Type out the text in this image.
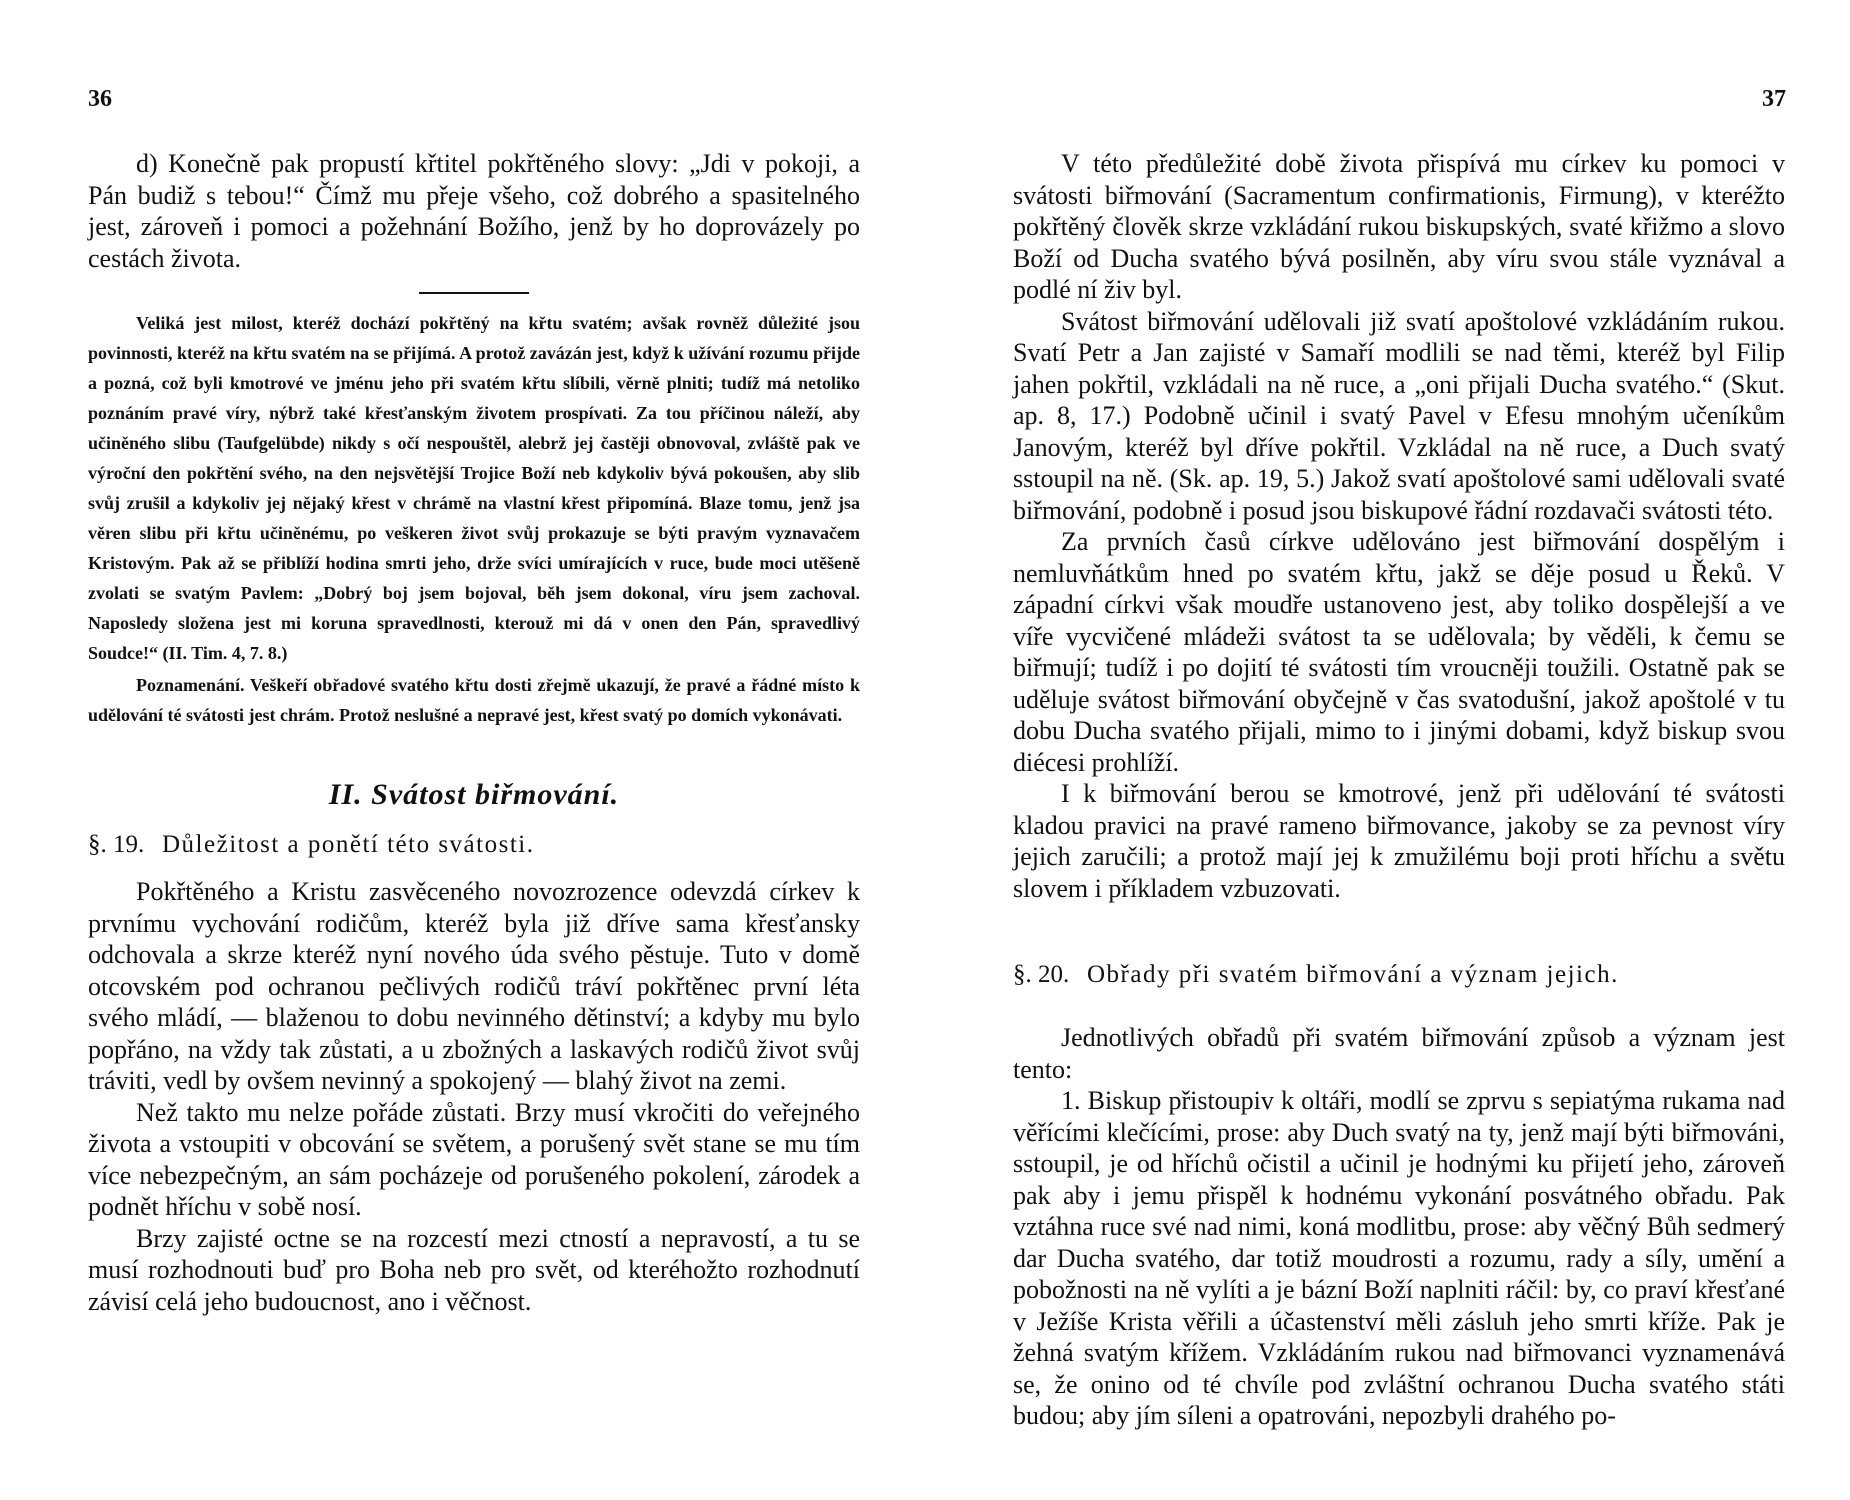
36	37

d) Konečně pak propustí křtitel pokřtěného slovy: „Jdi v pokoji, a Pán budiž s tebou!“ Čímž mu přeje všeho, což dobrého a spasitelného jest, zároveň i pomoci a požehnání Božího, jenž by ho doprovázely po cestách života.

Veliká jest milost, kteréž dochází pokřtěný na křtu svatém; avšak rovněž důležité jsou povinnosti, kteréž na křtu svatém na se přijímá. A protož zavázán jest, když k užívání rozumu přijde a pozná, což byli kmotrové ve jménu jeho při svatém křtu slíbili, věrně plniti; tudíž má netoliko poznáním pravé víry, nýbrž také křesťanským životem prospívati. Za tou příčinou náleží, aby učiněného slibu (Taufgelübde) nikdy s očí nespouštěl, alebrž jej častěji obnovoval, zvláště pak ve výroční den pokřtění svého, na den nejsvětější Trojice Boží neb kdykoliv bývá pokoušen, aby slib svůj zrušil a kdykoliv jej nějaký křest v chrámě na vlastní křest připomíná. Blaze tomu, jenž jsa věren slibu při křtu učiněnému, po veškeren život svůj prokazuje se býti pravým vyznavačem Kristovým. Pak až se přiblíží hodina smrti jeho, drže svíci umírajících v ruce, bude moci utěšeně zvolati se svatým Pavlem: „Dobrý boj jsem bojoval, běh jsem dokonal, víru jsem zachoval. Naposledy složena jest mi koruna spravedlnosti, kterouž mi dá v onen den Pán, spravedlivý Soudce!“ (II. Tim. 4, 7. 8.)

Poznamenání. Veškeří obřadové svatého křtu dosti zřejmě ukazují, že pravé a řádné místo k udělování té svátosti jest chrám. Protož neslušné a nepravé jest, křest svatý po domích vykonávati.

II. Svátost biřmování.
§. 19. Důležitost a ponětí této svátosti.

Pokřtěného a Kristu zasvěceného novozrozence odevzdá církev k prvnímu vychování rodičům, kteréž byla již dříve sama křesťansky odchovala a skrze kteréž nyní nového úda svého pěstuje. Tuto v domě otcovském pod ochranou pečlivých rodičů tráví pokřtěnec první léta svého mládí, — blaženou to dobu nevinného dětinství; a kdyby mu bylo popřáno, na vždy tak zůstati, a u zbožných a laskavých rodičů život svůj tráviti, vedl by ovšem nevinný a spokojený — blahý život na zemi.

Než takto mu nelze pořáde zůstati. Brzy musí vkročiti do veřejného života a vstoupiti v obcování se světem, a porušený svět stane se mu tím více nebezpečným, an sám pocházeje od porušeného pokolení, zárodek a podnět hříchu v sobě nosí.

Brzy zajisté octne se na rozcestí mezi ctností a nepravostí, a tu se musí rozhodnouti buď pro Boha neb pro svět, od kteréhožto rozhodnutí závisí celá jeho budoucnost, ano i věčnost.

V této předůležité době života přispívá mu církev ku pomoci v svátosti biřmování (Sacramentum confirmationis, Firmung), v kteréžto pokřtěný člověk skrze vzkládání rukou biskupských, svaté křižmo a slovo Boží od Ducha svatého bývá posilněn, aby víru svou stále vyznával a podlé ní živ byl.

Svátost biřmování udělovali již svatí apoštolové vzkládáním rukou. Svatí Petr a Jan zajisté v Samaří modlili se nad těmi, kteréž byl Filip jahen pokřtil, vzkládali na ně ruce, a „oni přijali Ducha svatého.“ (Skut. ap. 8, 17.) Podobně učinil i svatý Pavel v Efesu mnohým učeníkům Janovým, kteréž byl dříve pokřtil. Vzkládal na ně ruce, a Duch svatý sstoupil na ně. (Sk. ap. 19, 5.) Jakož svatí apoštolové sami udělovali svaté biřmování, podobně i posud jsou biskupové řádní rozdavači svátosti této.

Za prvních časů církve udělováno jest biřmování dospělým i nemluvňátkům hned po svatém křtu, jakž se děje posud u Řeků. V západní církvi však moudře ustanoveno jest, aby toliko dospělejší a ve víře vycvičené mládeži svátost ta se udělovala; by věděli, k čemu se biřmují; tudíž i po dojití té svátosti tím vroucněji toužili. Ostatně pak se uděluje svátost biřmování obyčejně v čas svatodušní, jakož apoštolé v tu dobu Ducha svatého přijali, mimo to i jinými dobami, když biskup svou diécesi prohlíží.

I k biřmování berou se kmotrové, jenž při udělování té svátosti kladou pravici na pravé rameno biřmovance, jakoby se za pevnost víry jejich zaručili; a protož mají jej k zmužilému boji proti hříchu a světu slovem i příkladem vzbuzovati.

§. 20. Obřady při svatém biřmování a význam jejich.

Jednotlivých obřadů při svatém biřmování způsob a význam jest tento:

1. Biskup přistoupiv k oltáři, modlí se zprvu s sepiatýma rukama nad věřícími klečícími, prose: aby Duch svatý na ty, jenž mají býti biřmováni, sstoupil, je od hříchů očistil a učinil je hodnými ku přijetí jeho, zároveň pak aby i jemu přispěl k hodnému vykonání posvátného obřadu. Pak vztáhna ruce své nad nimi, koná modlitbu, prose: aby věčný Bůh sedmerý dar Ducha svatého, dar totiž moudrosti a rozumu, rady a síly, umění a pobožnosti na ně vylíti a je bázní Boží naplniti ráčil: by, co praví křesťané v Ježíše Krista věřili a účastenství měli zásluh jeho smrti kříže. Pak je žehná svatým křížem. Vzkládáním rukou nad biřmovanci vyznamenává se, že onino od té chvíle pod zvláštní ochranou Ducha svatého státi budou; aby jím síleni a opatrováni, nepozbyli drahého po-
